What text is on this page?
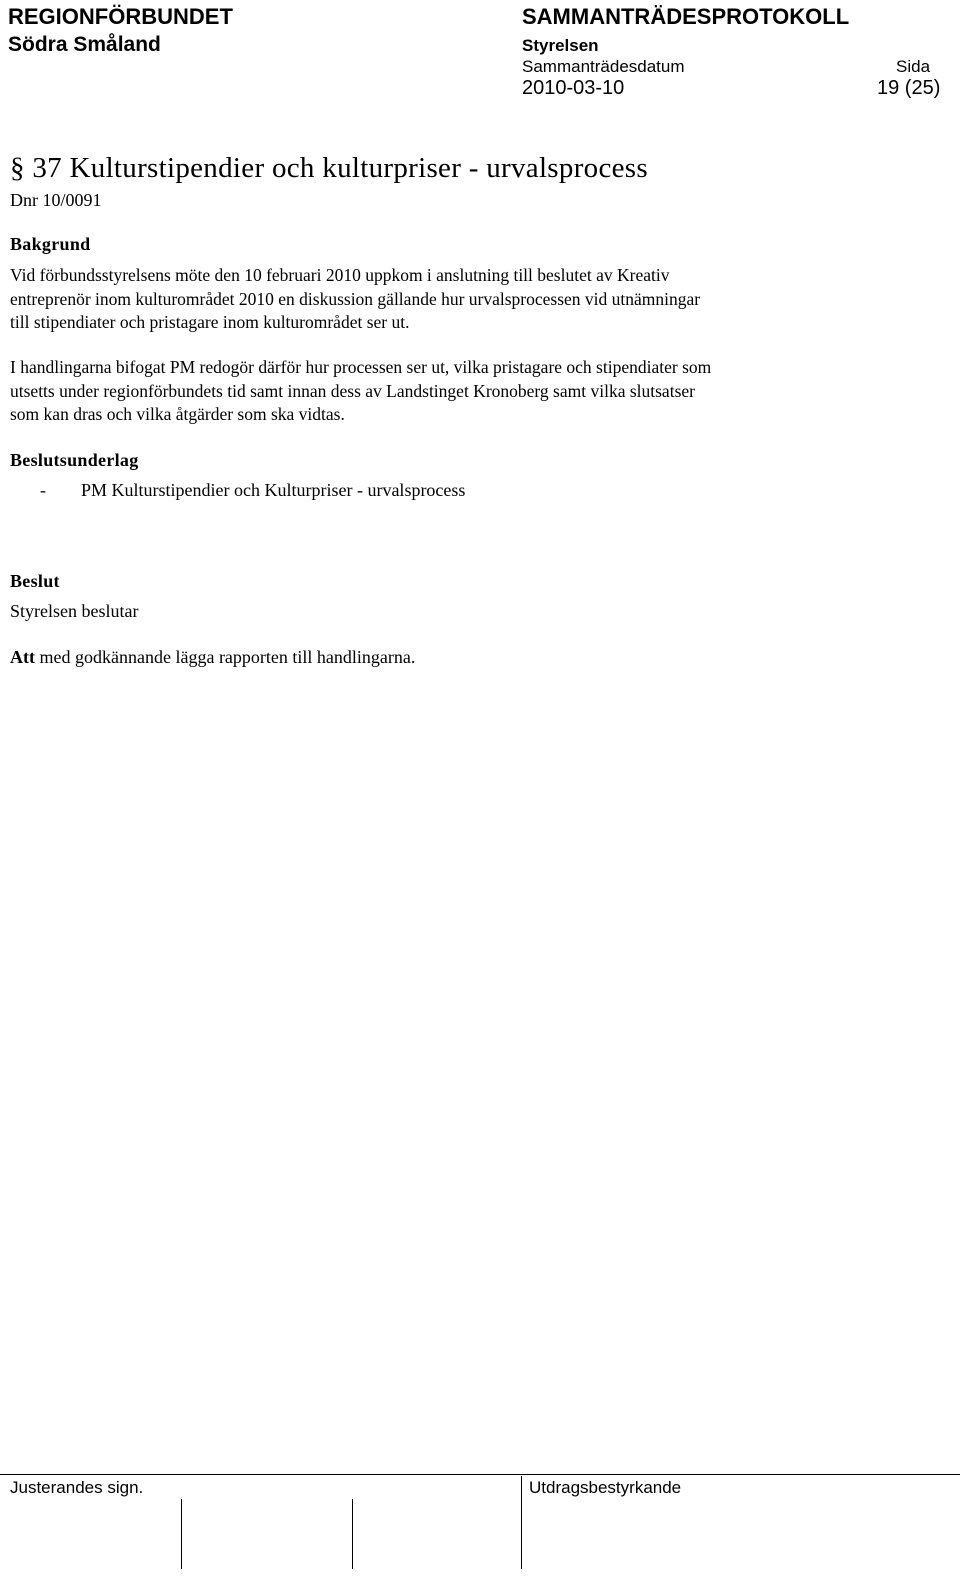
REGIONFÖRBUNDET
Södra Småland
SAMMANTRÄDESPROTOKOLL
Styrelsen
Sammanträdesdatum	Sida
2010-03-10	19 (25)
§ 37 Kulturstipendier och kulturpriser - urvalsprocess
Dnr 10/0091
Bakgrund
Vid förbundsstyrelsens möte den 10 februari 2010 uppkom i anslutning till beslutet av Kreativ
entreprenör inom kulturområdet 2010 en diskussion gällande hur urvalsprocessen vid utnämningar
till stipendiater och pristagare inom kulturområdet ser ut.
I handlingarna bifogat PM redogör därför hur processen ser ut, vilka pristagare och stipendiater som
utsetts under regionförbundets tid samt innan dess av Landstinget Kronoberg samt vilka slutsatser
som kan dras och vilka åtgärder som ska vidtas.
Beslutsunderlag
- PM Kulturstipendier och Kulturpriser - urvalsprocess
Beslut
Styrelsen beslutar
Att med godkännande lägga rapporten till handlingarna.
Justerandes sign.	Utdragsbestyrkande
